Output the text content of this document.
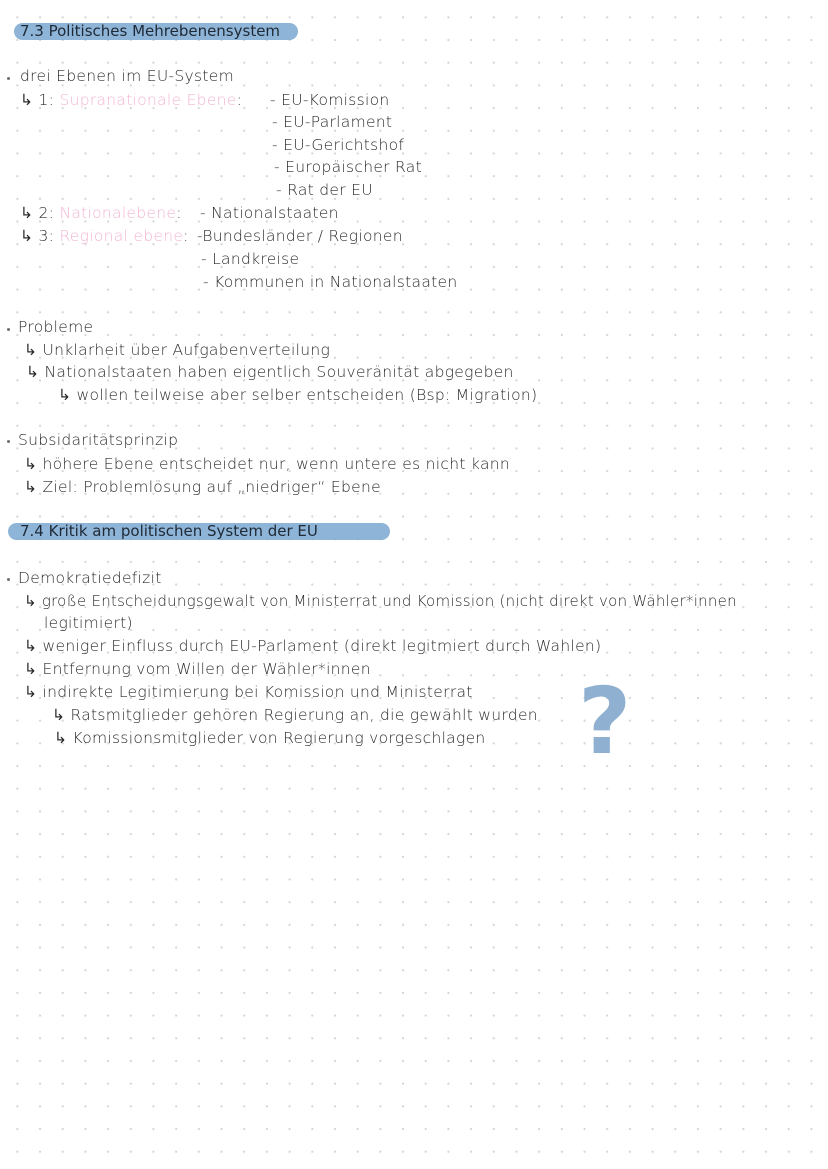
7.3 Politisches Mehrebenensystem
drei Ebenen im EU-System
↳ 1: Supranationale Ebene: - EU-Komission
- EU-Parlament
- EU-Gerichtshof
- Europäischer Rat
- Rat der EU
↳ 2: Nationalebene: - Nationalstaaten
↳ 3: Regional ebene: -Bundesländer / Regionen
- Landkreise
- Kommunen in Nationalstaaten
Probleme
↳ Unklarheit über Aufgabenverteilung
↳ Nationalstaaten haben eigentlich Souveränität abgegeben
↳ wollen teilweise aber selber entscheiden (Bsp: Migration)
Subsidaritätsprinzip
↳ höhere Ebene entscheidet nur, wenn untere es nicht kann
↳ Ziel: Problemlösung auf „niedriger“ Ebene
7.4 Kritik am politischen System der EU
Demokratiedefizit
↳ große Entscheidungsgewalt von Ministerrat und Komission (nicht direkt von Wähler*innen
legitimiert)
↳ weniger Einfluss durch EU-Parlament (direkt legitmiert durch Wahlen)
↳ Entfernung vom Willen der Wähler*innen
↳ indirekte Legitimierung bei Komission und Ministerrat
↳ Ratsmitglieder gehören Regierung an, die gewählt wurden
↳ Komissionsmitglieder von Regierung vorgeschlagen ?
